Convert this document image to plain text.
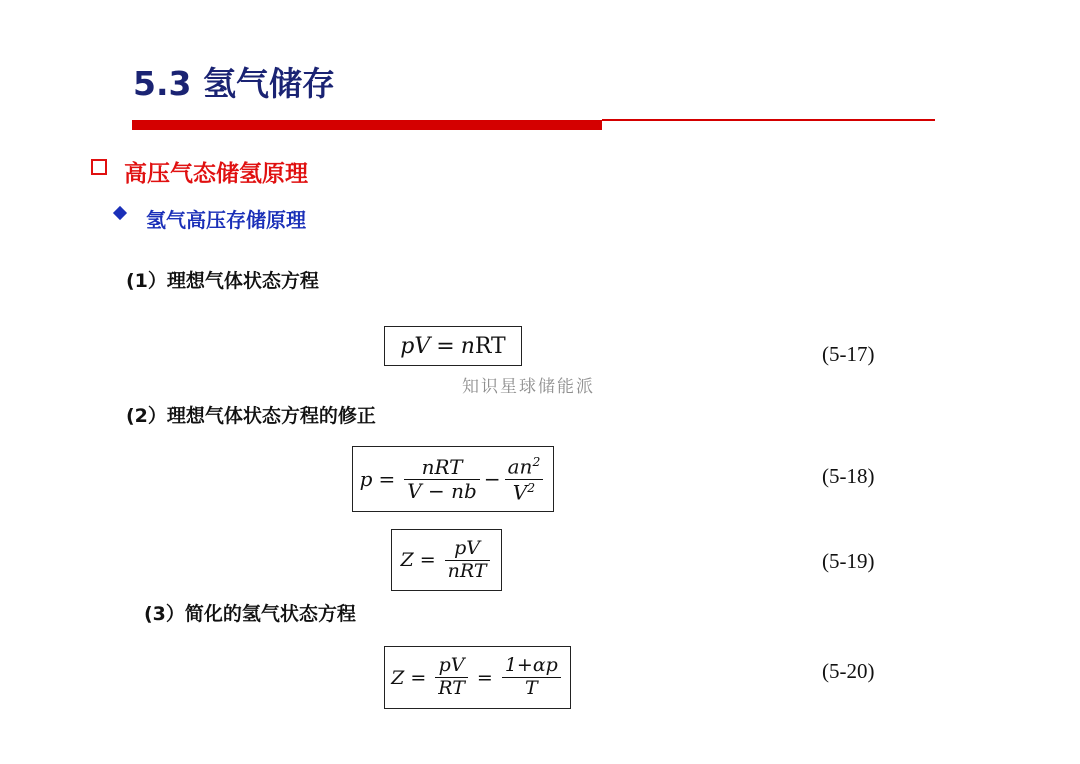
5.3 氢气储存
高压气态储氢原理
氢气高压存储原理
(1）理想气体状态方程
pV = n RT	(5-17)
知识星球储能派
(2）理想气体状态方程的修正
$p = \frac{\text{nRT}}{V - nb} - \frac{an^2}{V^2}$	(5-18)
$Z = \frac{pV}{\text{nRT}}$	(5-19)
(3）简化的氢气状态方程
$Z = \frac{pV}{RT} = \frac{1+\alpha p}{T}$	(5-20)
